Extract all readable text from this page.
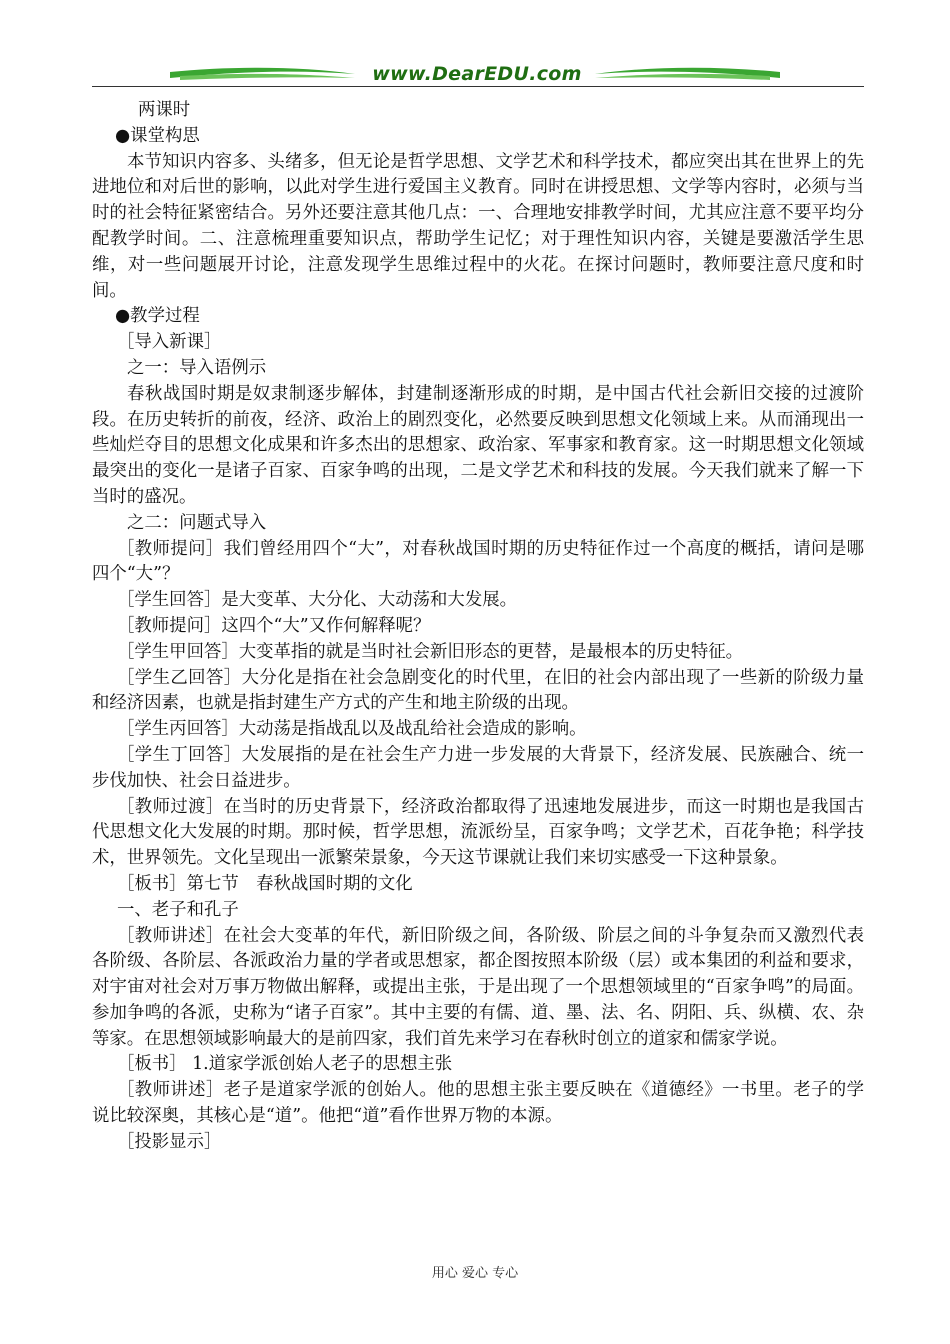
www.DearEDU.com

两课时

●课堂构思

本节知识内容多、头绪多，但无论是哲学思想、文学艺术和科学技术，都应突出其在世界上的先进地位和对后世的影响，以此对学生进行爱国主义教育。同时在讲授思想、文学等内容时，必须与当时的社会特征紧密结合。另外还要注意其他几点：一、合理地安排教学时间，尤其应注意不要平均分配教学时间。二、注意梳理重要知识点，帮助学生记忆；对于理性知识内容，关键是要激活学生思维，对一些问题展开讨论，注意发现学生思维过程中的火花。在探讨问题时，教师要注意尺度和时间。

●教学过程

［导入新课］

之一：导入语例示

春秋战国时期是奴隶制逐步解体，封建制逐渐形成的时期，是中国古代社会新旧交接的过渡阶段。在历史转折的前夜，经济、政治上的剧烈变化，必然要反映到思想文化领域上来。从而涌现出一些灿烂夺目的思想文化成果和许多杰出的思想家、政治家、军事家和教育家。这一时期思想文化领域最突出的变化一是诸子百家、百家争鸣的出现，二是文学艺术和科技的发展。今天我们就来了解一下当时的盛况。

之二：问题式导入

［教师提问］我们曾经用四个“大”，对春秋战国时期的历史特征作过一个高度的概括，请问是哪四个“大”？

［学生回答］是大变革、大分化、大动荡和大发展。

［教师提问］这四个“大”又作何解释呢？

［学生甲回答］大变革指的就是当时社会新旧形态的更替，是最根本的历史特征。

［学生乙回答］大分化是指在社会急剧变化的时代里，在旧的社会内部出现了一些新的阶级力量和经济因素，也就是指封建生产方式的产生和地主阶级的出现。

［学生丙回答］大动荡是指战乱以及战乱给社会造成的影响。

［学生丁回答］大发展指的是在社会生产力进一步发展的大背景下，经济发展、民族融合、统一步伐加快、社会日益进步。

［教师过渡］在当时的历史背景下，经济政治都取得了迅速地发展进步，而这一时期也是我国古代思想文化大发展的时期。那时候，哲学思想，流派纷呈，百家争鸣；文学艺术，百花争艳；科学技术，世界领先。文化呈现出一派繁荣景象，今天这节课就让我们来切实感受一下这种景象。

［板书］第七节　春秋战国时期的文化

一、老子和孔子

［教师讲述］在社会大变革的年代，新旧阶级之间，各阶级、阶层之间的斗争复杂而又激烈代表各阶级、各阶层、各派政治力量的学者或思想家，都企图按照本阶级（层）或本集团的利益和要求，对宇宙对社会对万事万物做出解释，或提出主张，于是出现了一个思想领域里的“百家争鸣”的局面。参加争鸣的各派，史称为“诸子百家”。其中主要的有儒、道、墨、法、名、阴阳、兵、纵横、农、杂等家。在思想领域影响最大的是前四家，我们首先来学习在春秋时创立的道家和儒家学说。

［板书］ 1.道家学派创始人老子的思想主张

［教师讲述］老子是道家学派的创始人。他的思想主张主要反映在《道德经》一书里。老子的学说比较深奥，其核心是“道”。他把“道”看作世界万物的本源。

［投影显示］

用心 爱心 专心
